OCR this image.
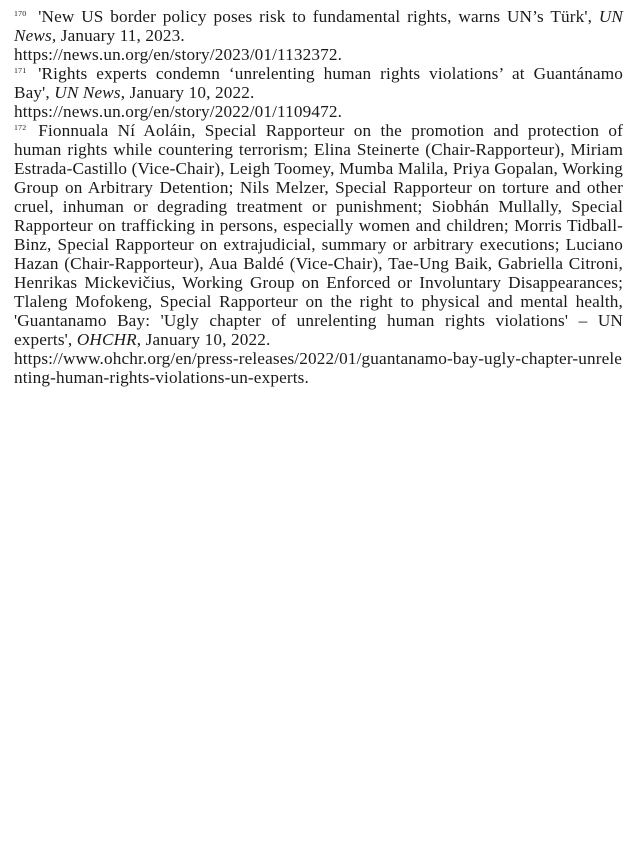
$^{170}$ 'New US border policy poses risk to fundamental rights, warns UN’s Türk', UN News, January 11, 2023.

https://news.un.org/en/story/2023/01/1132372.

$^{171}$ 'Rights experts condemn ‘unrelenting human rights violations’ at Guantánamo Bay', UN News, January 10, 2022.

https://news.un.org/en/story/2022/01/1109472.

$^{172}$ Fionnuala Ní Aoláin, Special Rapporteur on the promotion and protection of human rights while countering terrorism; Elina Steinerte (Chair-Rapporteur), Miriam Estrada-Castillo (Vice-Chair), Leigh Toomey, Mumba Malila, Priya Gopalan, Working Group on Arbitrary Detention; Nils Melzer, Special Rapporteur on torture and other cruel, inhuman or degrading treatment or punishment; Siobhán Mullally, Special Rapporteur on trafficking in persons, especially women and children; Morris Tidball-Binz, Special Rapporteur on extrajudicial, summary or arbitrary executions; Luciano Hazan (Chair-Rapporteur), Aua Baldé (Vice-Chair), Tae-Ung Baik, Gabriella Citroni, Henrikas Mickevičius, Working Group on Enforced or Involuntary Disappearances; Tlaleng Mofokeng, Special Rapporteur on the right to physical and mental health, 'Guantanamo Bay: 'Ugly chapter of unrelenting human rights violations' – UN experts', OHCHR, January 10, 2022.

https://www.ohchr.org/en/press-releases/2022/01/guantanamo-bay-ugly-chapter-unrelenting-human-rights-violations-un-experts.
